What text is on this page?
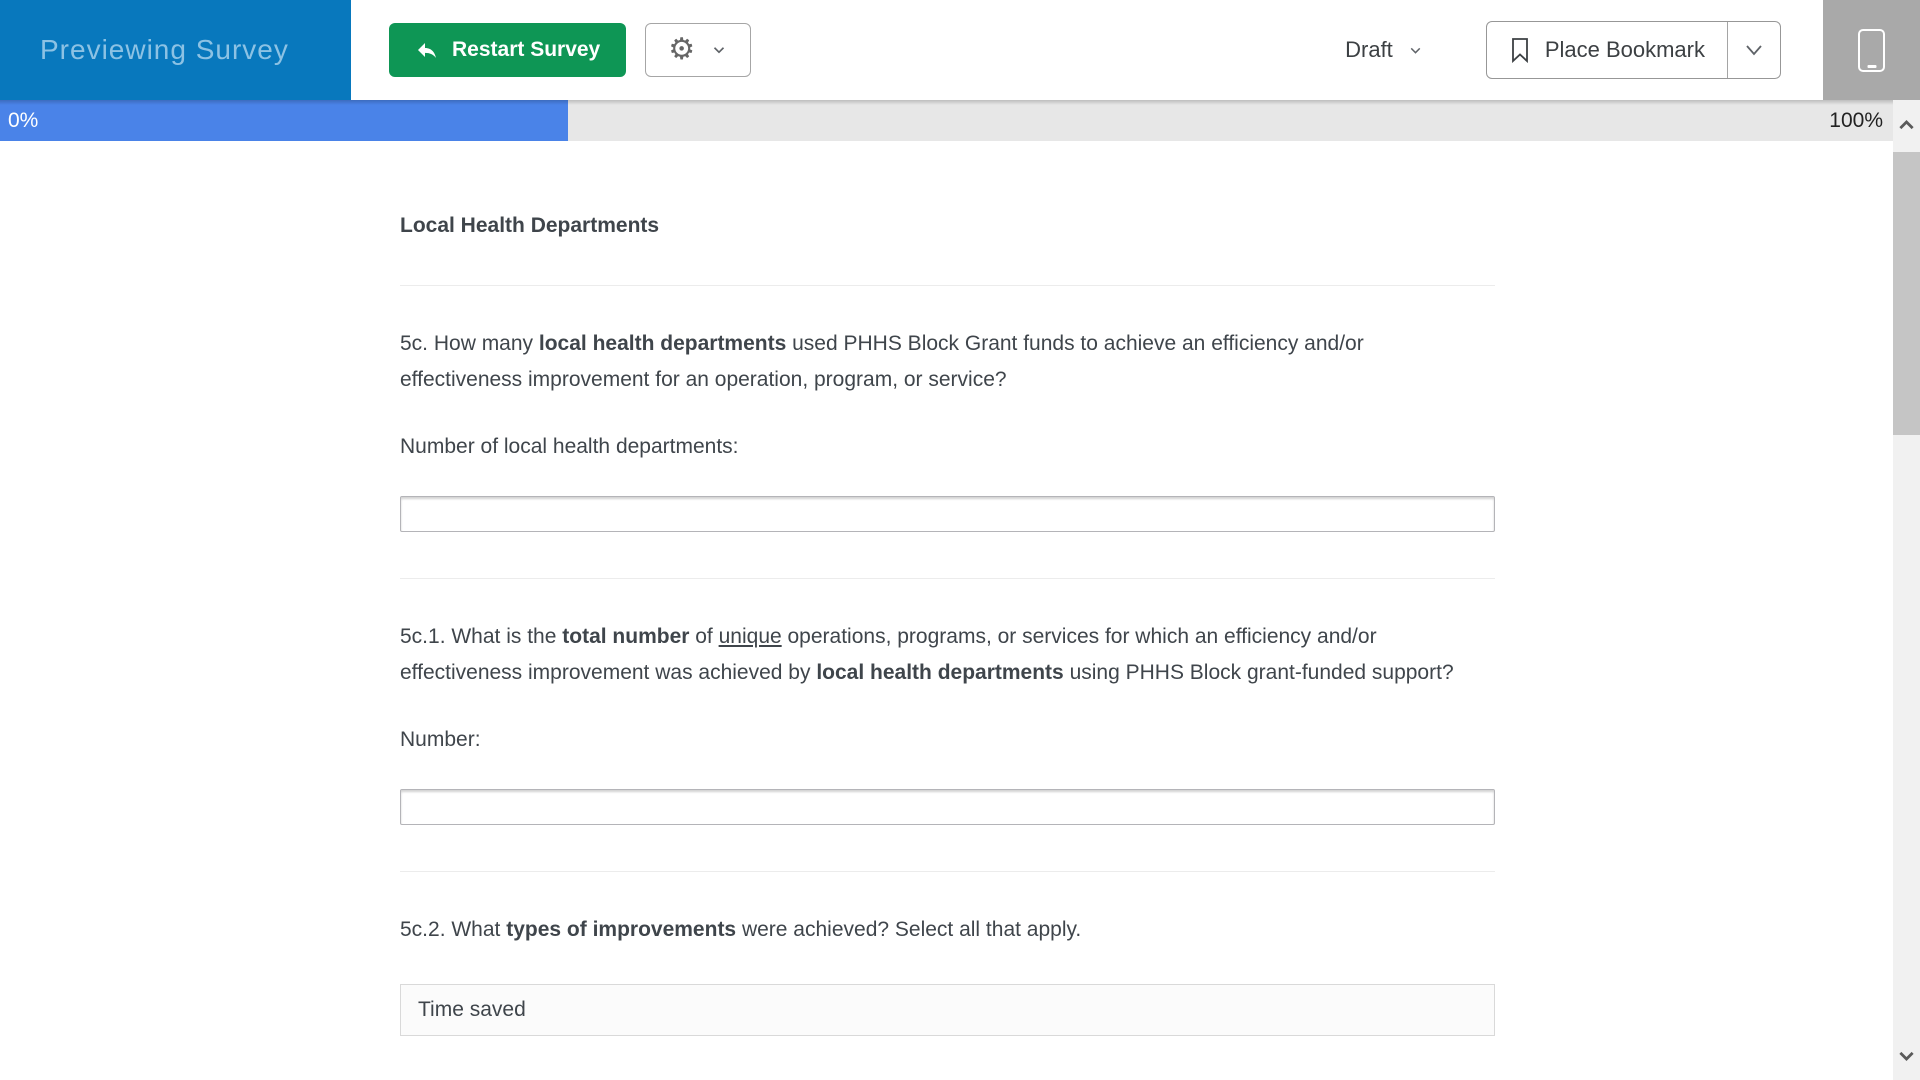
Previewing Survey	Restart Survey ⚙	Draft	Place Bookmark
0%	100%
Local Health Departments

5c. How many local health departments used PHHS Block Grant funds to achieve an efficiency and/or effectiveness improvement for an operation, program, or service?

Number of local health departments:

5c.1. What is the total number of unique operations, programs, or services for which an efficiency and/or effectiveness improvement was achieved by local health departments using PHHS Block grant-funded support?

Number:

5c.2. What types of improvements were achieved? Select all that apply.

Time saved
